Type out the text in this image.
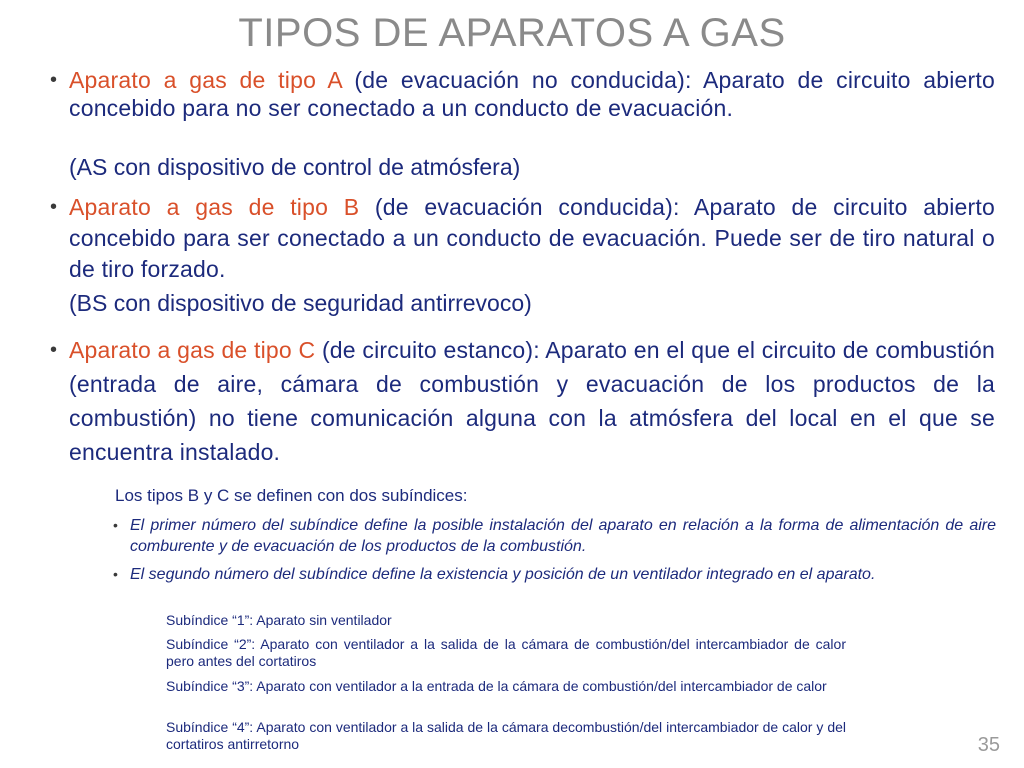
TIPOS DE APARATOS A GAS
• Aparato a gas de tipo A (de evacuación no conducida): Aparato de circuito abierto concebido para no ser conectado a un conducto de evacuación.
(AS con dispositivo de control de atmósfera)
• Aparato a gas de tipo B (de evacuación conducida): Aparato de circuito abierto concebido para ser conectado a un conducto de evacuación. Puede ser de tiro natural o de tiro forzado.
(BS con dispositivo de seguridad antirrevoco)
• Aparato a gas de tipo C (de circuito estanco): Aparato en el que el circuito de combustión (entrada de aire, cámara de combustión y evacuación de los productos de la combustión) no tiene comunicación alguna con la atmósfera del local en el que se encuentra instalado.
Los tipos B y C se definen con dos subíndices:
• El primer número del subíndice define la posible instalación del aparato en relación a la forma de alimentación de aire comburente y de evacuación de los productos de la combustión.
• El segundo número del subíndice define la existencia y posición de un ventilador integrado en el aparato.
Subíndice “1”: Aparato sin ventilador
Subíndice “2”: Aparato con ventilador a la salida de la cámara de combustión/del intercambiador de calor pero antes del cortatiros
Subíndice “3”: Aparato con ventilador a la entrada de la cámara de combustión/del intercambiador de calor
Subíndice “4”: Aparato con ventilador a la salida de la cámara decombustión/del intercambiador de calor y del cortatiros antirretorno	35
